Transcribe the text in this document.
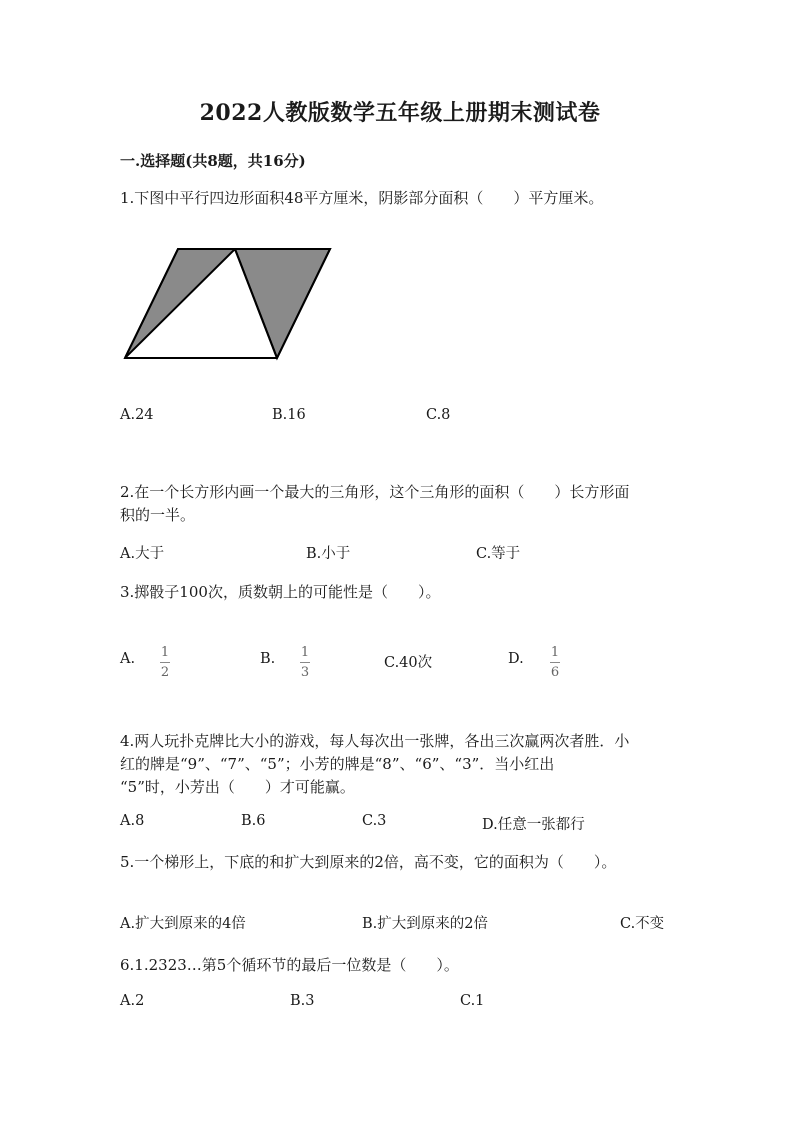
2022人教版数学五年级上册期末测试卷
一.选择题(共8题，共16分)
1.下图中平行四边形面积48平方厘米，阴影部分面积（　　）平方厘米。
A.24	B.16	C.8
2.在一个长方形内画一个最大的三角形，这个三角形的面积（　　）长方形面
积的一半。
A.大于	B.小于	C.等于
3.掷骰子100次，质数朝上的可能性是（　　）。
A. 1
2
B. 1
3
C.40次	D. 1
6
4.两人玩扑克牌比大小的游戏，每人每次出一张牌，各出三次赢两次者胜．小
红的牌是“9”、“7”、“5”；小芳的牌是“8”、“6”、“3”．当小红出
“5”时，小芳出（　　）才可能赢。
A.8	B.6	C.3	D.任意一张都行
5.一个梯形上，下底的和扩大到原来的2倍，高不变，它的面积为（　　）。
A.扩大到原来的4倍	B.扩大到原来的2倍	C.不变
6.1.2323…第5个循环节的最后一位数是（　　）。
A.2	B.3	C.1
